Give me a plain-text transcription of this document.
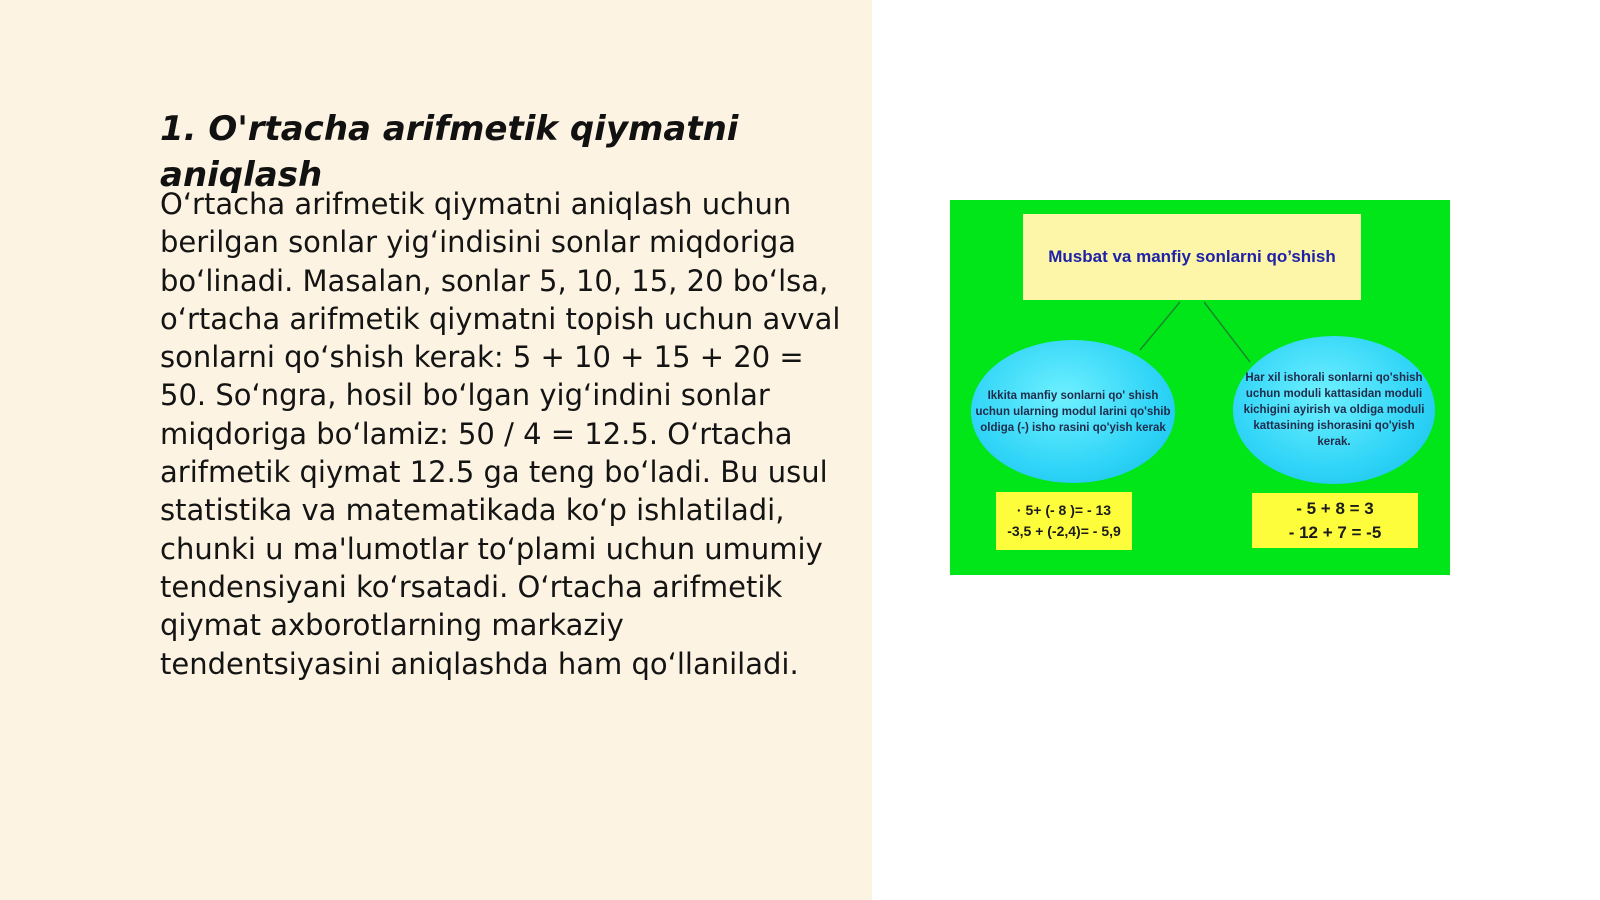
1. O'rtacha arifmetik qiymatni aniqlash

O‘rtacha arifmetik qiymatni aniqlash uchun berilgan sonlar yig‘indisini sonlar miqdoriga bo‘linadi. Masalan, sonlar 5, 10, 15, 20 bo‘lsa, o‘rtacha arifmetik qiymatni topish uchun avval sonlarni qo‘shish kerak: 5 + 10 + 15 + 20 = 50. So‘ngra, hosil bo‘lgan yig‘indini sonlar miqdoriga bo‘lamiz: 50 / 4 = 12.5. O‘rtacha arifmetik qiymat 12.5 ga teng bo‘ladi. Bu usul statistika va matematikada ko‘p ishlatiladi, chunki u ma'lumotlar to‘plami uchun umumiy tendensiyani ko‘rsatadi. O‘rtacha arifmetik qiymat axborotlarning markaziy tendentsiyasini aniqlashda ham qo‘llaniladi.

Musbat va manfiy sonlarni qo’shish
Ikkita manfiy sonlarni qo' shish uchun ularning modul larini qo'shib oldiga (-) isho rasini qo'yish kerak
Har xil ishorali sonlarni qo'shish uchun moduli kattasidan moduli kichigini ayirish va oldiga moduli kattasining ishorasini qo'yish kerak.
· 5+ (- 8 )= - 13
-3,5 + (-2,4)= - 5,9
- 5 + 8 = 3
- 12 + 7 = -5
